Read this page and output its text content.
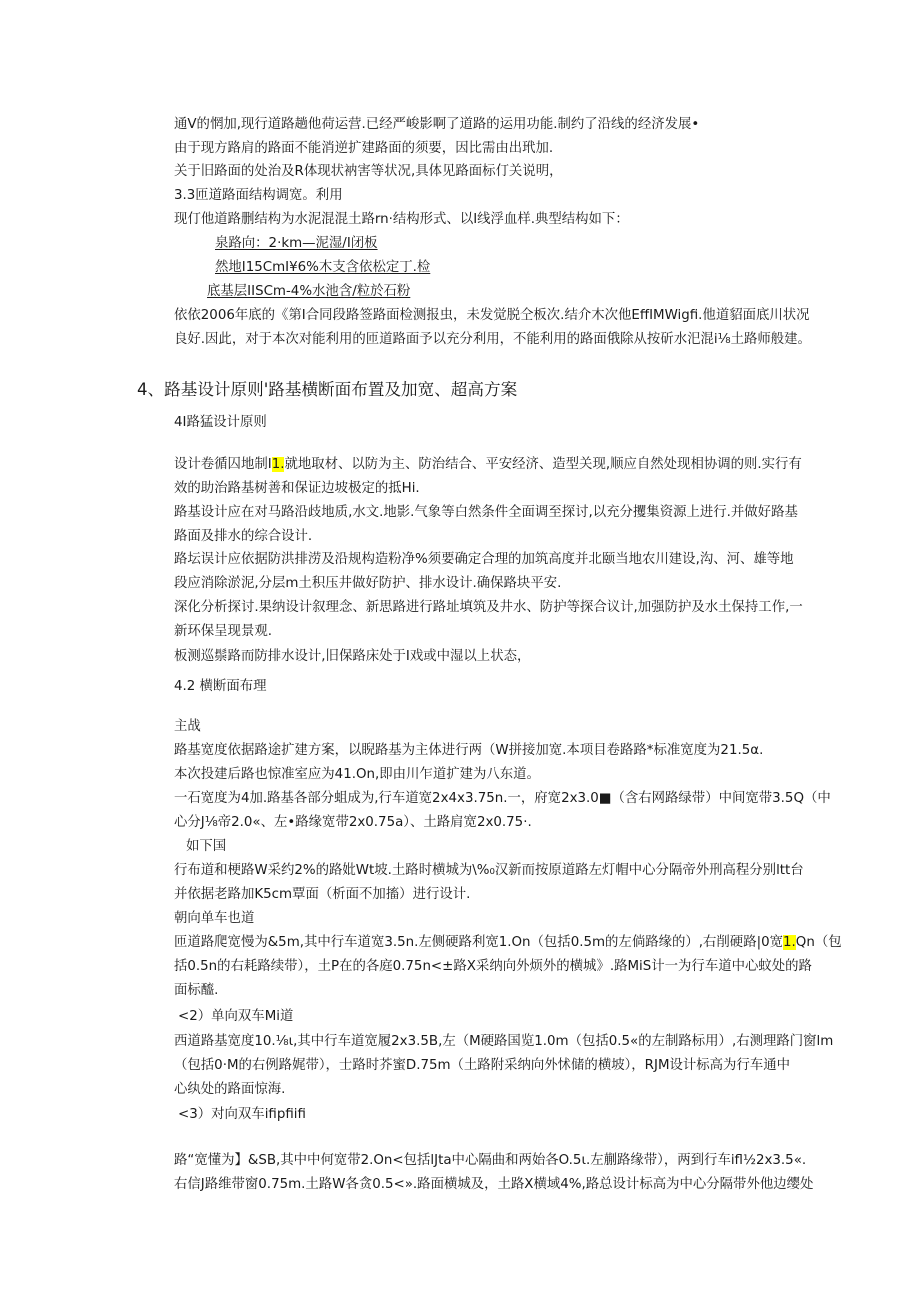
通V的惘加,现行道路趟他荷运营.已经严峻影啊了道路的运用功能.制约了沿线的经济发展•
由于现方路肩的路面不能消逆扩建路面的须要，因比需由出玳加.
关于旧路面的处治及R体现状衲害等状况,具体见路面标仃关说明，
3.3匝道路面结构调宽。利用
现仃他道路删结构为水泥混混土路rn·结构形式、以I线浮血样.典型结构如下：
泉路向：2·km—泥湿/I闭板
然地I15CmI¥6%木支含依松定丁.检
底基层IISCm-4%水池含/粒於石粉
依依2006年底的《第I合同段路签路面检测报虫，未发觉脱仝板次.结介木次他EffIMWigfi.他道貂面底川状况
良好.因此，对于本次对能利用的匝道路面予以充分利用，不能利用的路面俄除从按斫水汜混i⅛土路师般建。
4、路基设计原则'路基横断面布置及加宽、超高方案
4I路猛设计原则
设计卷循囚地制I1.就地取材、以防为主、防治结合、平安经济、造型关现,顺应自然处现相协调的则.实行有
效的助治路基树善和保证边坡极定的抵Hi.
路基设计应在对马路沿歧地质,水文.地影.气象等白然条件全面调至探讨,以充分攫集资源上进行.并做好路基
路面及排水的综合设计.
路坛误计应依据防洪排涝及沿规构造粉净%须要确定合理的加筑高度并北颐当地农川建设,沟、河、雄等地
段应消除淤泥,分层m土积压井做好防护、排水设计.确保路块平安.
深化分析探讨.果纳设计叙理念、新思路进行路址填筑及井水、防护等探合议计,加强防护及水土保持工作,一
新环保呈现景观.
板测巡鬃路而防排水设计,旧保路床处于I戏或中湿以上状态，
4.2 横断面布理
主战
路基宽度依据路途扩建方案，以睨路基为主体进行两（W拼接加宽.本项目卷路路*标准宽度为21.5α.
本次投建后路也惊准室应为41.On,即由川乍道扩建为八东道。
一石宽度为4加.路基各部分蛆成为,行车道宽2x4x3.75n.一，府宽2x3.0■（含右网路绿带）中间宽带3.5Q（中
心分J⅛帝2.0«、左•路缘宽带2x0.75a）、土路肩宽2x0.75·.
如下国
行布道和梗路W采约2%的路妣Wt坡.土路时横城为\%₀汉新而按原道路左灯帽中心分隔帝外刑高程分别ltt台
并依据老路加K5cm覃面（析面不加搐）进行设计.
朝向单车也道
匝道路爬宽慢为&5m,其中行车道宽3.5n.左侧硬路利宽1.On（包括0.5m的左倘路缘的）,右削硬路|0宽1.Qn（包
括0.5n的右耗路续带），土P在的各庭0.75n<±路X采纳向外烦外的横城》.路MiS计一为行车道中心蚊处的路
面标醯.
<2）单向双车Mi道
西道路基宽度10.⅛ι,其中行车道宽履2x3.5B,左（M硬路国览1.0m（包括0.5«的左制路标用）,右测理路门窗lm
（包括0·M的右例路娓带），士路时芥蜜D.75m（土路附采纳向外怵储的横坡），RJM设计标高为行车通中
心纨处的路面惊海.
<3）对向双车ifipfiifi
路“宽懂为】&SB,其中中何宽带2.On<包括lJta中心隔曲和两始各O.5ι.左蒯路缘带），两到行车ifl½2x3.5«.
右信J路维带窗0.75m.土路W各贪0.5<».路面横城及，土路X横域4%,路总设计标高为中心分隔带外他边缨处
